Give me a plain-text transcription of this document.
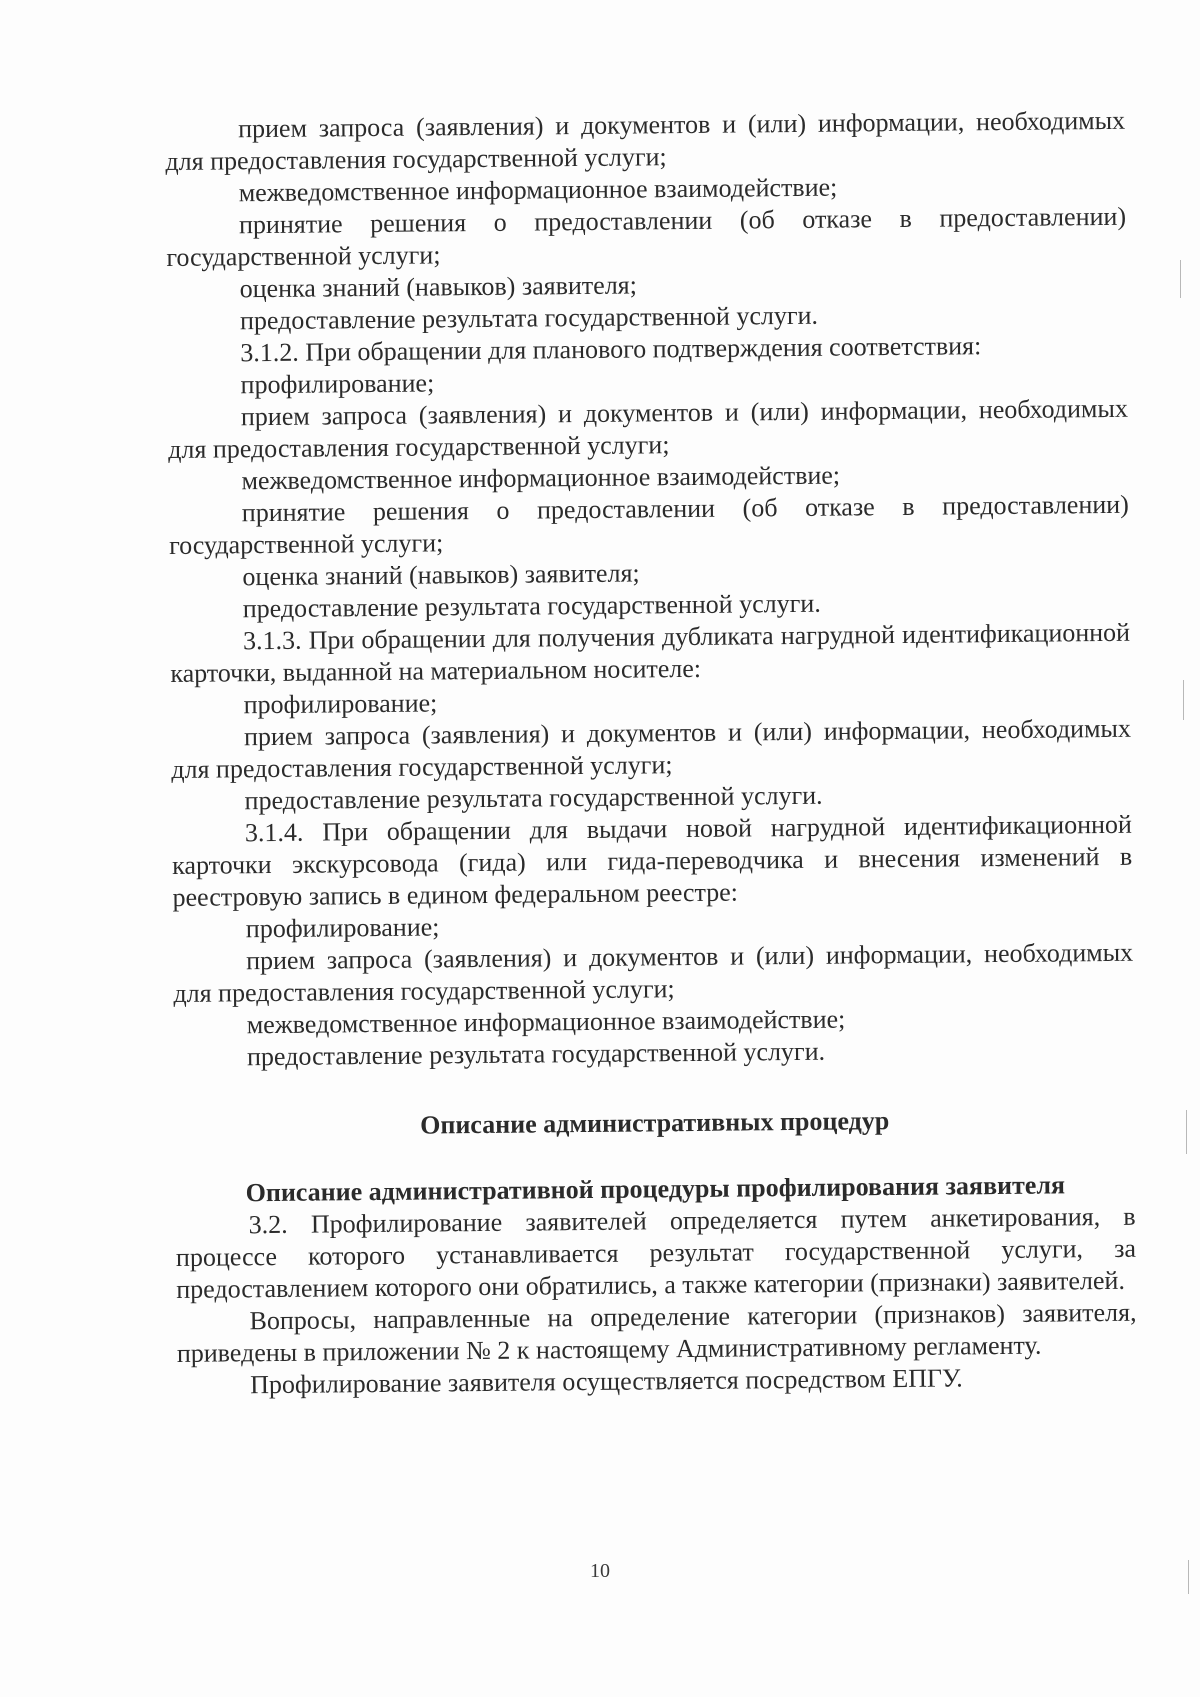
прием запроса (заявления) и документов и (или) информации, необходимых для предоставления государственной услуги;

межведомственное информационное взаимодействие;

принятие решения о предоставлении (об отказе в предоставлении) государственной услуги;

оценка знаний (навыков) заявителя;

предоставление результата государственной услуги.

3.1.2. При обращении для планового подтверждения соответствия:

профилирование;

прием запроса (заявления) и документов и (или) информации, необходимых для предоставления государственной услуги;

межведомственное информационное взаимодействие;

принятие решения о предоставлении (об отказе в предоставлении) государственной услуги;

оценка знаний (навыков) заявителя;

предоставление результата государственной услуги.

3.1.3. При обращении для получения дубликата нагрудной идентификационной карточки, выданной на материальном носителе:

профилирование;

прием запроса (заявления) и документов и (или) информации, необходимых для предоставления государственной услуги;

предоставление результата государственной услуги.

3.1.4. При обращении для выдачи новой нагрудной идентификационной карточки экскурсовода (гида) или гида-переводчика и внесения изменений в реестровую запись в едином федеральном реестре:

профилирование;

прием запроса (заявления) и документов и (или) информации, необходимых для предоставления государственной услуги;

межведомственное информационное взаимодействие;

предоставление результата государственной услуги.

Описание административных процедур
Описание административной процедуры профилирования заявителя

3.2. Профилирование заявителей определяется путем анкетирования, в процессе которого устанавливается результат государственной услуги, за предоставлением которого они обратились, а также категории (признаки) заявителей.

Вопросы, направленные на определение категории (признаков) заявителя, приведены в приложении № 2 к настоящему Административному регламенту.

Профилирование заявителя осуществляется посредством ЕПГУ.

10
